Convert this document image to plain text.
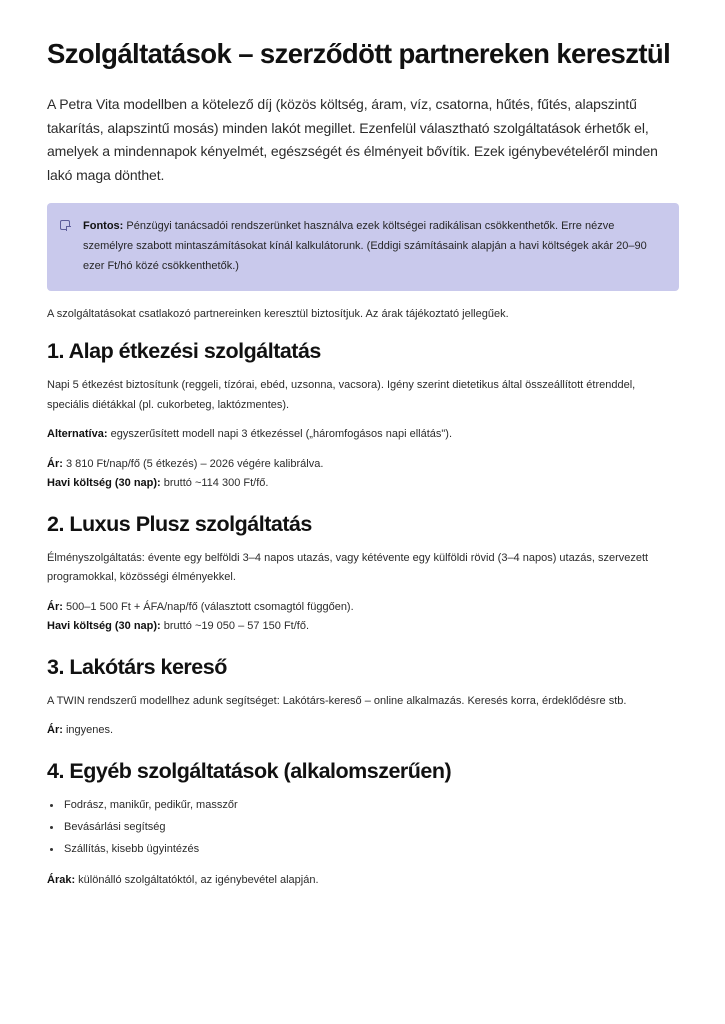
Szolgáltatások – szerződött partnereken keresztül

A Petra Vita modellben a kötelező díj (közös költség, áram, víz, csatorna, hűtés, fűtés, alapszintű takarítás, alapszintű mosás) minden lakót megillet. Ezenfelül választható szolgáltatások érhetők el, amelyek a mindennapok kényelmét, egészségét és élményeit bővítik. Ezek igénybevételéről minden lakó maga dönthet.

Fontos: Pénzügyi tanácsadói rendszerünket használva ezek költségei radikálisan csökkenthetők. Erre nézve személyre szabott mintaszámításokat kínál kalkulátorunk. (Eddigi számításaink alapján a havi költségek akár 20–90 ezer Ft/hó közé csökkenthetők.)

A szolgáltatásokat csatlakozó partnereinken keresztül biztosítjuk. Az árak tájékoztató jellegűek.

1. Alap étkezési szolgáltatás

Napi 5 étkezést biztosítunk (reggeli, tízórai, ebéd, uzsonna, vacsora). Igény szerint dietetikus által összeállított étrenddel, speciális diétákkal (pl. cukorbeteg, laktózmentes).

Alternatíva: egyszerűsített modell napi 3 étkezéssel („háromfogásos napi ellátás").

Ár: 3 810 Ft/nap/fő (5 étkezés) – 2026 végére kalibrálva.
Havi költség (30 nap): bruttó ~114 300 Ft/fő.

2. Luxus Plusz szolgáltatás

Élményszolgáltatás: évente egy belföldi 3–4 napos utazás, vagy kétévente egy külföldi rövid (3–4 napos) utazás, szervezett programokkal, közösségi élményekkel.

Ár: 500–1 500 Ft + ÁFA/nap/fő (választott csomagtól függően).
Havi költség (30 nap): bruttó ~19 050 – 57 150 Ft/fő.

3. Lakótárs kereső

A TWIN rendszerű modellhez adunk segítséget: Lakótárs-kereső – online alkalmazás. Keresés korra, érdeklődésre stb.

Ár: ingyenes.

4. Egyéb szolgáltatások (alkalomszerűen)
Fodrász, manikűr, pedikűr, masszőr
Bevásárlási segítség
Szállítás, kisebb ügyintézés

Árak: különálló szolgáltatóktól, az igénybevétel alapján.
